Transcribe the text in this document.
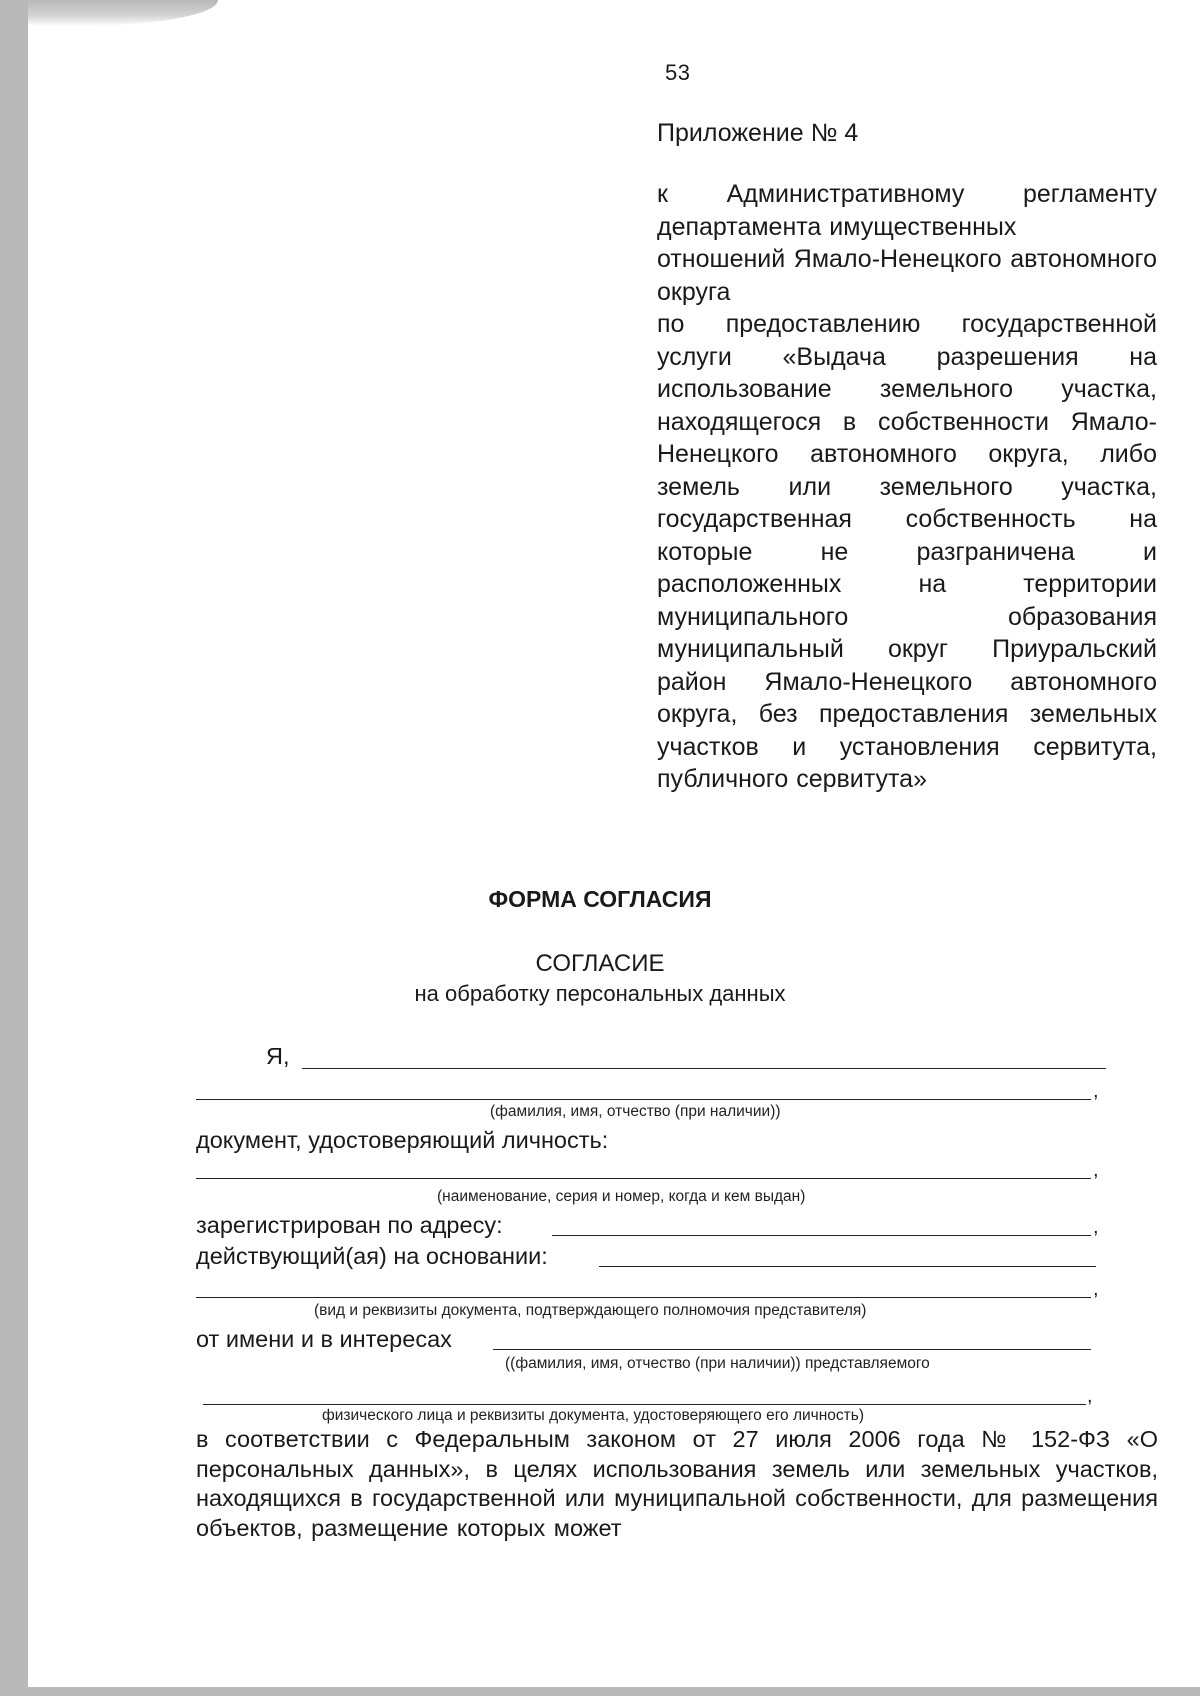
53
Приложение № 4

к Административному регламенту департамента имущественных

отношений Ямало-Ненецкого автономного округа

по предоставлению государственной услуги «Выдача разрешения на использование земельного участка, находящегося в собственности Ямало-Ненецкого автономного округа, либо земель или земельного участка, государственная собственность на которые не разграничена и расположенных на территории муниципального образования муниципальный округ Приуральский район Ямало-Ненецкого автономного округа, без предоставления земельных участков и установления сервитута, публичного сервитута»

ФОРМА СОГЛАСИЯ
СОГЛАСИЕ
на обработку персональных данных
Я,
,
(фамилия, имя, отчество (при наличии))
документ, удостоверяющий личность:
,
(наименование, серия и номер, когда и кем выдан)
зарегистрирован по адресу:	,
действующий(ая) на основании:
,
(вид и реквизиты документа, подтверждающего полномочия представителя)
от имени и в интересах
((фамилия, имя, отчество (при наличии)) представляемого
,
физического лица и реквизиты документа, удостоверяющего его личность)
в соответствии с Федеральным законом от 27 июля 2006 года № 152-ФЗ «О персональных данных», в целях использования земель или земельных участков, находящихся в государственной или муниципальной собственности, для размещения объектов, размещение которых может
